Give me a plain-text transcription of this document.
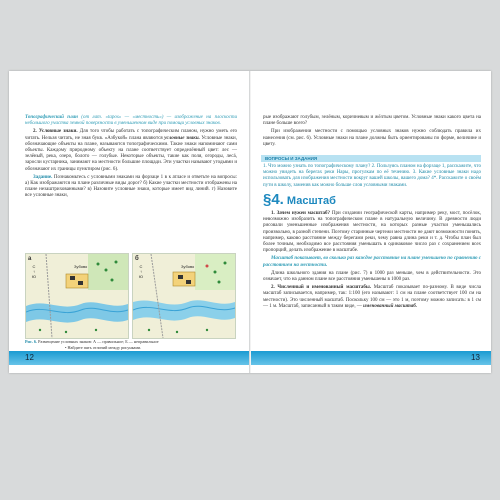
Топографический план (от лат. «taрos» — «местность») — изображение на плоскости небольшого участка земной поверхности в уменьшенном виде при помощи условных знаков.

2. Условные знаки. Для того чтобы работать с топографическим планом, нужно уметь его читать. Нельзя читать, не зная букв. «Азбукой» плана являются условные знаки. Условные знаки, обозначающие объекты на плане, называются топографическими. Такие знаки напоминают сами объекты. Каждому природному объекту на плане соответствует определённый цвет: лес — зелёный, река, озеро, болото — голубые. Некоторые объекты, такие как поля, огороды, лесá, заросли кустарника, занимают на местности большие площади. Эти участки называют угодьями и обозначают их границы пунктиром (рис. 6).

Задание. Познакомьтесь с условными знаками на форзаце 1 в к атласе и ответьте на вопросы: а) Как изображаются на плане различные виды дорог? б) Какие участки местности отображены на плане незаштрихованными? в) Назовите условные знаки, которые имеет вид линий. г) Назовите все условные знаки,

а
С
↑
Ю
Зубово
б
С
↑
Ю
Зубово
Рис. 6. Размещение условных знаков: А — правильное; Б — неправильное
• Найдите пять отличий между рисунками.
12

рые изображают голубым, зелёным, коричневым и жёлтым цветом. Условные знаки какого цвета на плане больше всего?

При изображении местности с помощью условных знаков нужно соблюдать правила их нанесения (см. рис. 6). Условные знаки на плане должны быть ориентированы по форме, величине и цвету.

ВОПРОСЫ И ЗАДАНИЯ

1. Что можно узнать по топографическому плану? 2. Пользуясь планом на форзаце 1, расскажите, что можно увидеть на берегах реки Нары, прогулкам по её течению. 3. Какие условные знаки надо использовать для изображения местности вокруг вашей школы, вашего дома? 4*. Расскажите о своём пути в школу, заменив как можно больше слов условными знаками.

§4. Масштаб

1. Зачем нужен масштаб? При создании географической карты, например реку, мост, посёлок, невозможно изобразить на топографическом плане в натуральную величину. В древности люди рисовали уменьшенные изображения местности, на которых разные участки уменьшались произвольно, в разной степени. Поэтому старинные чертежи местности не дают возможности понять, например, каково расстояние между берегами реки, чему равна длина реки и т. д. Чтобы план был более точным, необходимо все расстояния уменьшать в одинаковое число раз с сохранением всех пропорций, делать изображение в масштабе.

Масштаб показывает, во сколько раз каждое расстояние на плане уменьшено по сравнению с расстоянием на местности.

Длина школьного здания на плане (рис. 7) в 1000 раз меньше, чем в действительности. Это означает, что на данном плане все расстояния уменьшены в 1000 раз.

2. Численный и именованный масштабы. Масштаб показывает по-разному. В виде числа масштаб записывается, например, так: 1:100 (его называют: 1 см на плане соответствует 100 см на местности). Это численный масштаб. Поскольку 100 см — это 1 м, поэтому можно записать: в 1 см — 1 м. Масштаб, записанный в таком виде, — именованный масштаб.

13
